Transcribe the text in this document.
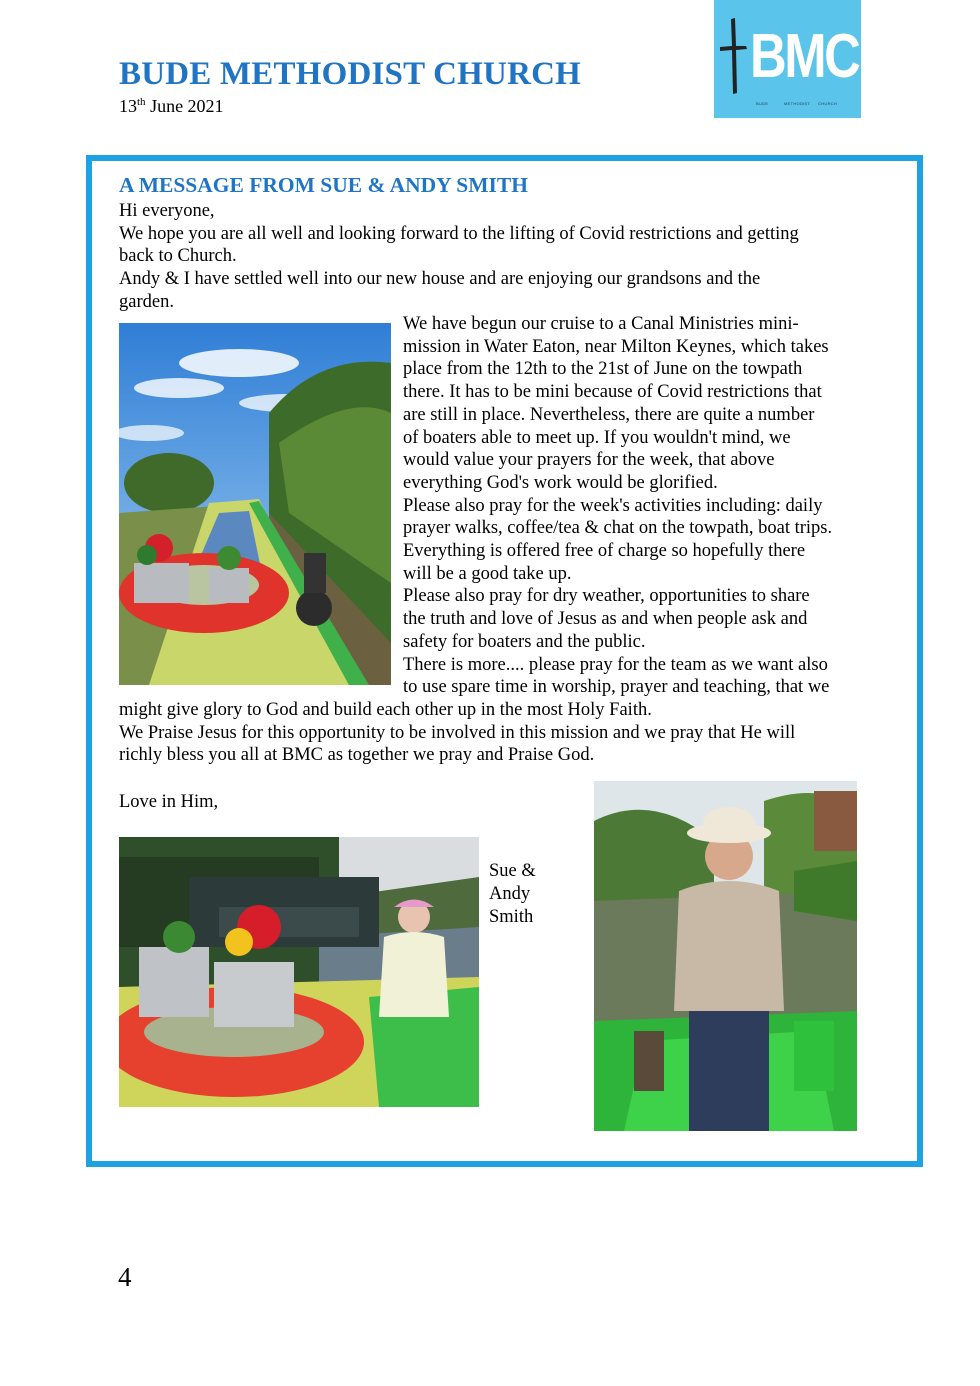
BUDE METHODIST CHURCH
13th June 2021
BMC
BUDE	METHODIST CHURCH
A MESSAGE FROM SUE & ANDY SMITH
Hi everyone,
We hope you are all well and looking forward to the lifting of Covid restrictions and getting
back to Church.
Andy & I have settled well into our new house and are enjoying our grandsons and the
garden.
We have begun our cruise to a Canal Ministries mini-
mission in Water Eaton, near Milton Keynes, which takes
place from the 12th to the 21st of June on the towpath
there. It has to be mini because of Covid restrictions that
are still in place. Nevertheless, there are quite a number
of boaters able to meet up. If you wouldn't mind, we
would value your prayers for the week, that above
everything God's work would be glorified.
Please also pray for the week's activities including: daily
prayer walks, coffee/tea & chat on the towpath, boat trips.
Everything is offered free of charge so hopefully there
will be a good take up.
Please also pray for dry weather, opportunities to share
the truth and love of Jesus as and when people ask and
safety for boaters and the public.
There is more.... please pray for the team as we want also
to use spare time in worship, prayer and teaching, that we
might give glory to God and build each other up in the most Holy Faith.
We Praise Jesus for this opportunity to be involved in this mission and we pray that He will
richly bless you all at BMC as together we pray and Praise God.
Love in Him,
Sue &
Andy
Smith
4
